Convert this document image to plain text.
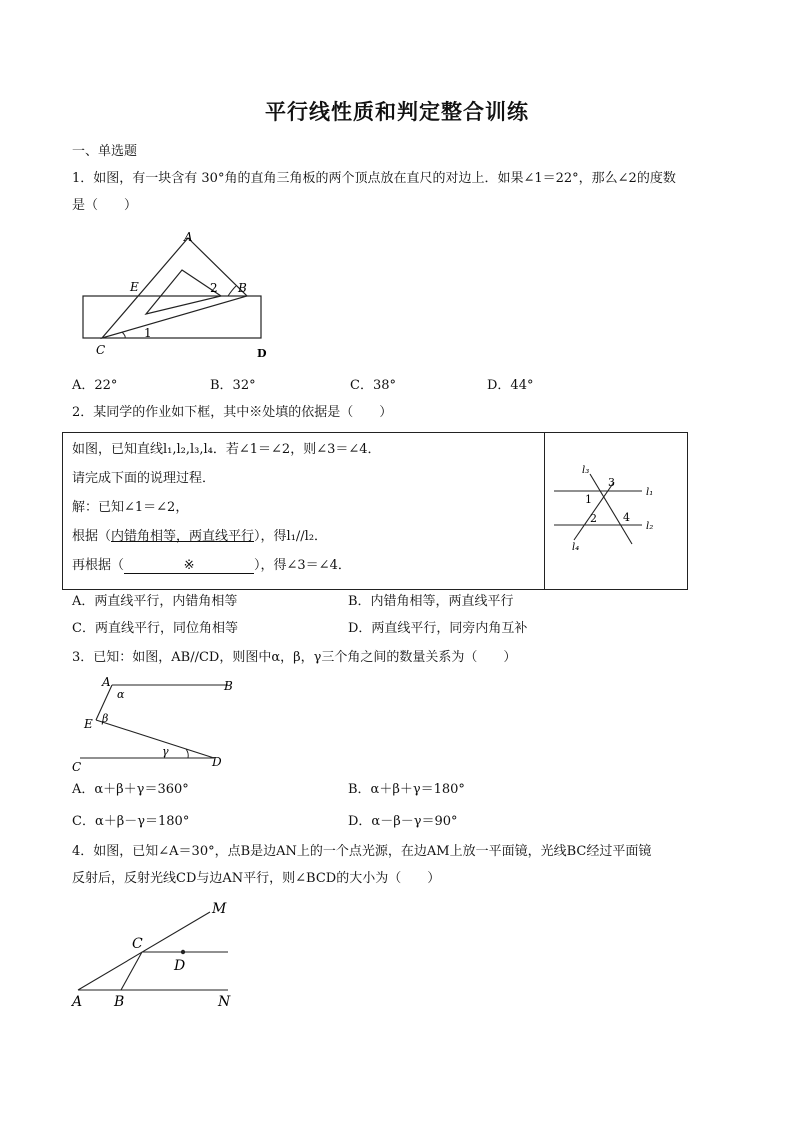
平行线性质和判定整合训练
一、单选题
1．如图，有一块含有 30°角的直角三角板的两个顶点放在直尺的对边上．如果∠1＝22°，那么∠2的度数
是（　　）
A
B
C	D
E
1
2
A．22°	B．32°	C．38°	D．44°
2．某同学的作业如下框，其中※处填的依据是（　　）
如图，已知直线l₁,l₂,l₃,l₄．若∠1＝∠2，则∠3＝∠4．
请完成下面的说理过程．
解：已知∠1＝∠2，
根据（内错角相等，两直线平行），得l₁//l₂．
再根据（	※	），得∠3＝∠4．
l₃
l₁
l₂
l₄
3
1
2 4
A．两直线平行，内错角相等	B．内错角相等，两直线平行
C．两直线平行，同位角相等	D．两直线平行，同旁内角互补
3．已知：如图，AB//CD，则图中α，β，γ三个角之间的数量关系为（　　）
A	B
C	D
E
α
β
γ
A．α＋β＋γ＝360°	B．α＋β＋γ＝180°
C．α＋β－γ＝180°	D．α－β－γ＝90°
4．如图，已知∠A＝30°，点B是边AN上的一个点光源，在边AM上放一平面镜，光线BC经过平面镜
反射后，反射光线CD与边AN平行，则∠BCD的大小为（　　）
M
C
D
A B	N
